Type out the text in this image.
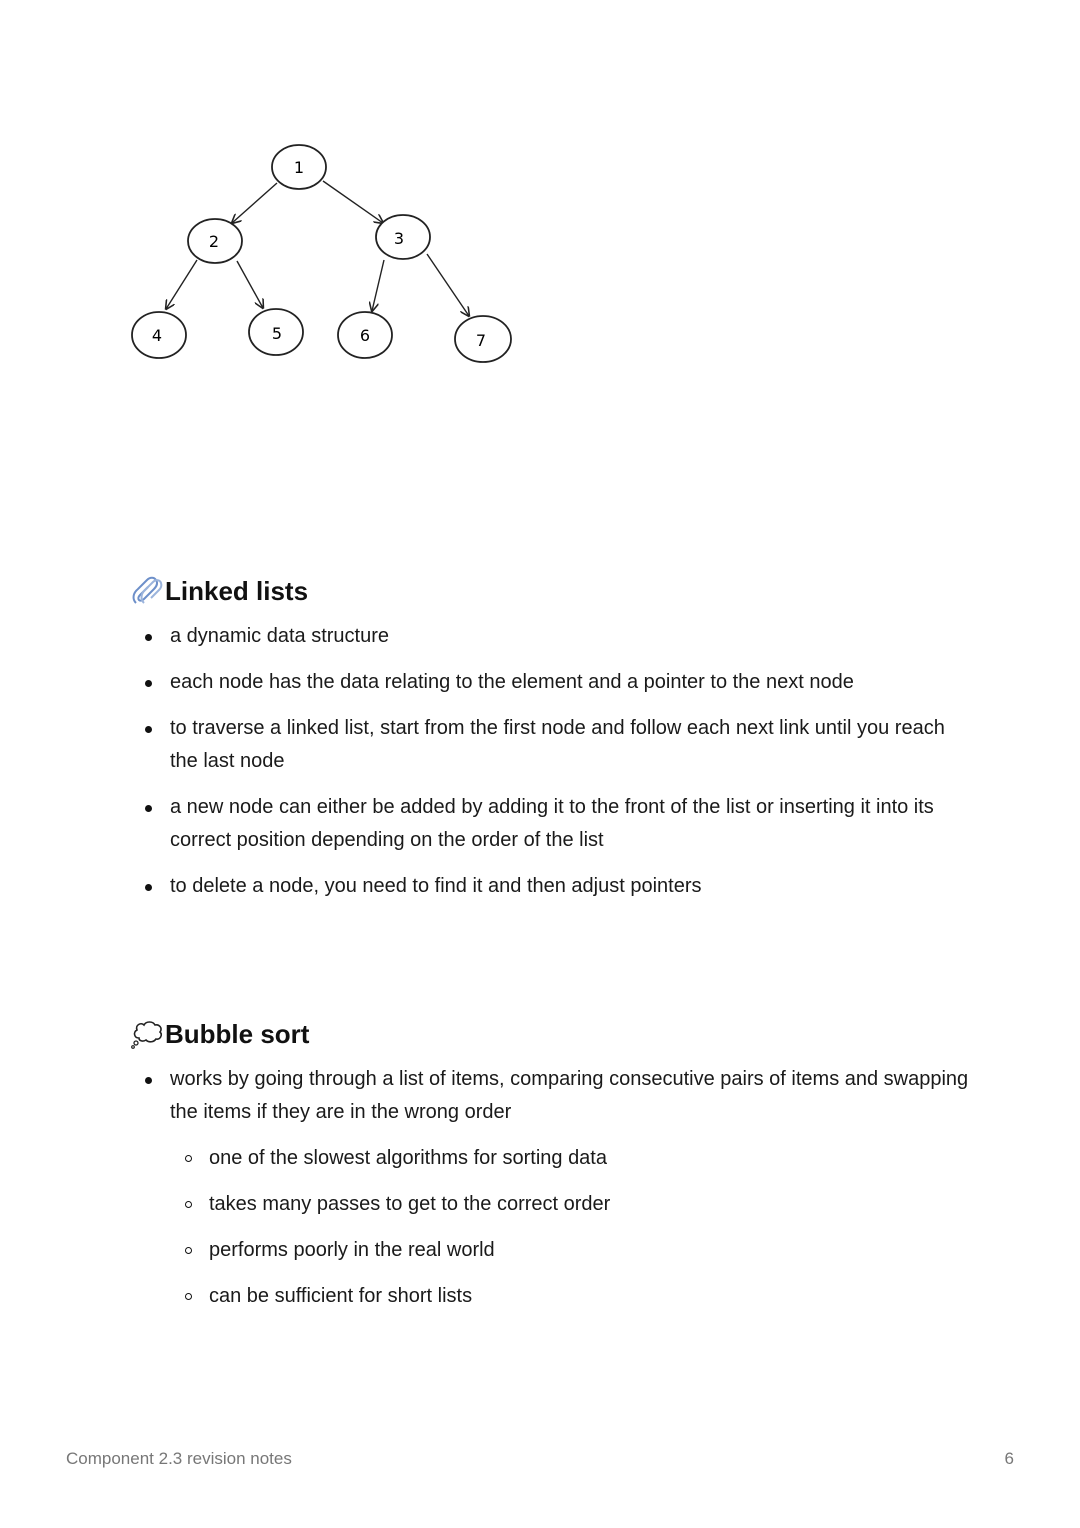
1
2	3
4	5	6	7
Linked lists
a dynamic data structure
each node has the data relating to the element and a pointer to the next node
to traverse a linked list, start from the first node and follow each next link until you reach the last node
a new node can either be added by adding it to the front of the list or inserting it into its correct position depending on the order of the list
to delete a node, you need to find it and then adjust pointers
Bubble sort
works by going through a list of items, comparing consecutive pairs of items and swapping the items if they are in the wrong order
one of the slowest algorithms for sorting data
takes many passes to get to the correct order
performs poorly in the real world
can be sufficient for short lists
Component 2.3 revision notes	6
